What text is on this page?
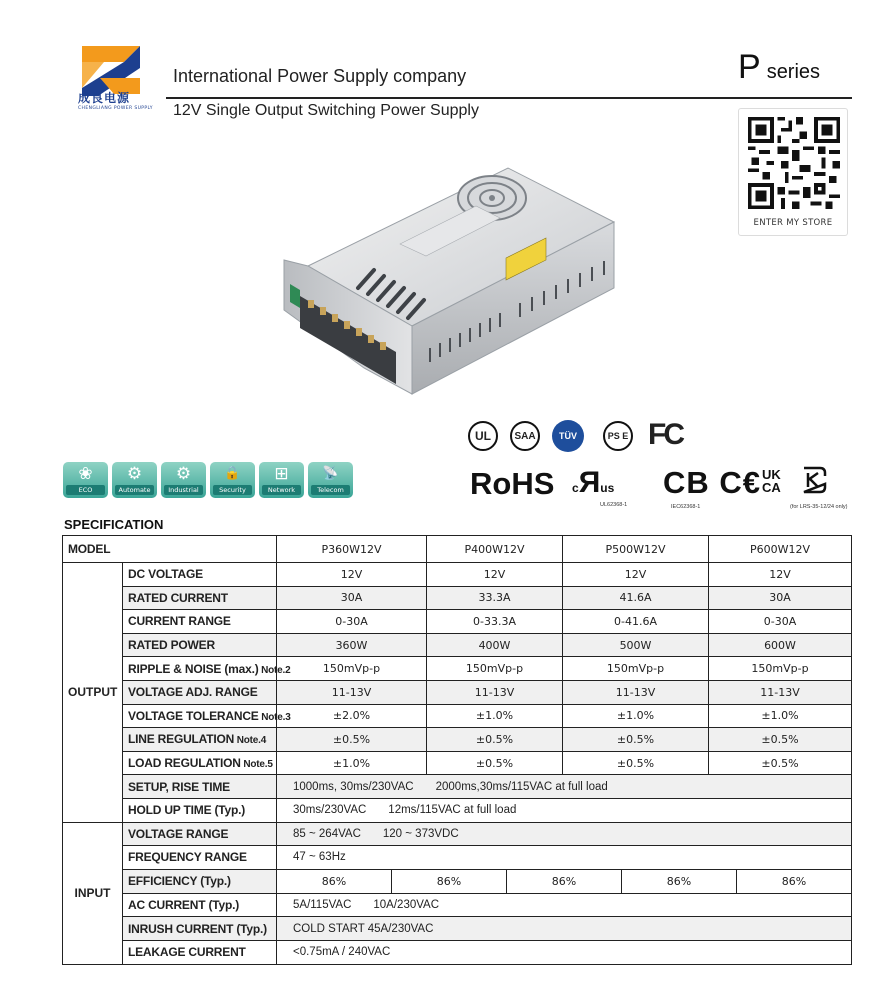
成良电源
CHENGLIANG POWER SUPPLY
International Power Supply company
12V Single Output Switching Power Supply
Pseries
ENTER MY STORE
UL	SAA	TÜV	PS E FC
RoHS cЯus
UL62368-1
CB C€
IEC62368-1
UK
CA
(for LRS-35-12/24 only)
❀
ECO
⚙
Automate
⚙
Industrial
🔒
Security
⊞
Network
📡
Telecom
SPECIFICATION
MODEL		P360W12V	P400W12V	P500W12V	P600W12V
OUTPUT	DC VOLTAGE	12V	12V	12V	12V
	RATED CURRENT	30A	33.3A	41.6A	30A
	CURRENT RANGE	0-30A	0-33.3A	0-41.6A	0-30A
	RATED POWER	360W	400W	500W	600W
	RIPPLE & NOISE (max.) Note.2	150mVp-p	150mVp-p	150mVp-p	150mVp-p
	VOLTAGE ADJ. RANGE	11-13V	11-13V	11-13V	11-13V
	VOLTAGE TOLERANCE Note.3	±2.0%	±1.0%	±1.0%	±1.0%
	LINE REGULATION Note.4	±0.5%	±0.5%	±0.5%	±0.5%
	LOAD REGULATION Note.5	±1.0%	±0.5%	±0.5%	±0.5%
	SETUP, RISE TIME	1000ms, 30ms/230VAC 2000ms,30ms/115VAC at full load			
	HOLD UP TIME (Typ.)	30ms/230VAC 12ms/115VAC at full load			
INPUT	VOLTAGE RANGE	85 ~ 264VAC 120 ~ 373VDC			
	FREQUENCY RANGE	47 ~ 63Hz			
	EFFICIENCY (Typ.)	86% 86% 86% 86% 86%			

	AC CURRENT (Typ.)	5A/115VAC 10A/230VAC			
	INRUSH CURRENT (Typ.)	COLD START 45A/230VAC			
	LEAKAGE CURRENT	<0.75mA / 240VAC			
